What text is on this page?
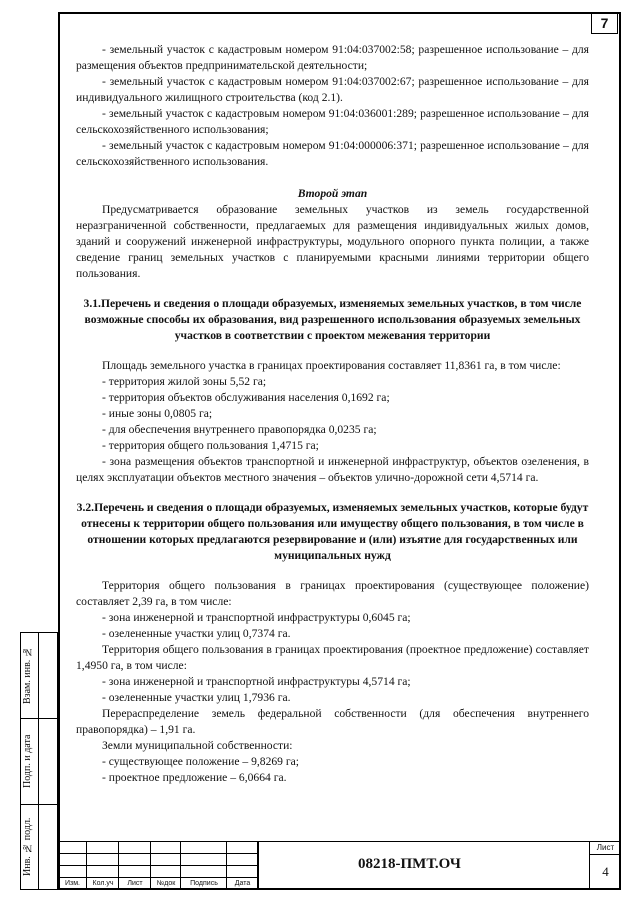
7

- земельный участок с кадастровым номером 91:04:037002:58; разрешенное использование – для размещения объектов предпринимательской деятельности;

- земельный участок с кадастровым номером 91:04:037002:67; разрешенное использование – для индивидуального жилищного строительства (код 2.1).

- земельный участок с кадастровым номером 91:04:036001:289; разрешенное использование – для сельскохозяйственного использования;

- земельный участок с кадастровым номером 91:04:000006:371; разрешенное использование – для сельскохозяйственного использования.

Второй этап

Предусматривается образование земельных участков из земель государственной неразграниченной собственности, предлагаемых для размещения индивидуальных жилых домов, зданий и сооружений инженерной инфраструктуры, модульного опорного пункта полиции, а также сведение границ земельных участков с планируемыми красными линиями территории общего пользования.

3.1.Перечень и сведения о площади образуемых, изменяемых земельных участков, в том числе возможные способы их образования, вид разрешенного использования образуемых земельных участков в соответствии с проектом межевания территории

Площадь земельного участка в границах проектирования составляет 11,8361 га, в том числе:

- территория жилой зоны 5,52 га;

- территория объектов обслуживания населения 0,1692 га;

- иные зоны 0,0805 га;

- для обеспечения внутреннего правопорядка 0,0235 га;

- территория общего пользования 1,4715 га;

- зона размещения объектов транспортной и инженерной инфраструктур, объектов озеленения, в целях эксплуатации объектов местного значения – объектов улично-дорожной сети 4,5714 га.

3.2.Перечень и сведения о площади образуемых, изменяемых земельных участков, которые будут отнесены к территории общего пользования или имуществу общего пользования, в том числе в отношении которых предлагаются резервирование и (или) изъятие для государственных или муниципальных нужд

Территория общего пользования в границах проектирования (существующее положение) составляет 2,39 га, в том числе:

- зона инженерной и транспортной инфраструктуры 0,6045 га;

- озелененные участки улиц 0,7374 га.

Территория общего пользования в границах проектирования (проектное предложение) составляет 1,4950 га, в том числе:

- зона инженерной и транспортной инфраструктуры 4,5714 га;

- озелененные участки улиц 1,7936 га.

Перераспределение земель федеральной собственности (для обеспечения внутреннего правопорядка) – 1,91 га.

Земли муниципальной собственности:

- существующее положение – 9,8269 га;

- проектное предложение – 6,0664 га.

Взам. инв. №
Подп. и дата
Инв. № подл.
Изм.	Кол.уч	Лист	№док	Подпись	Дата
08218-ПМТ.ОЧ
Лист
4
